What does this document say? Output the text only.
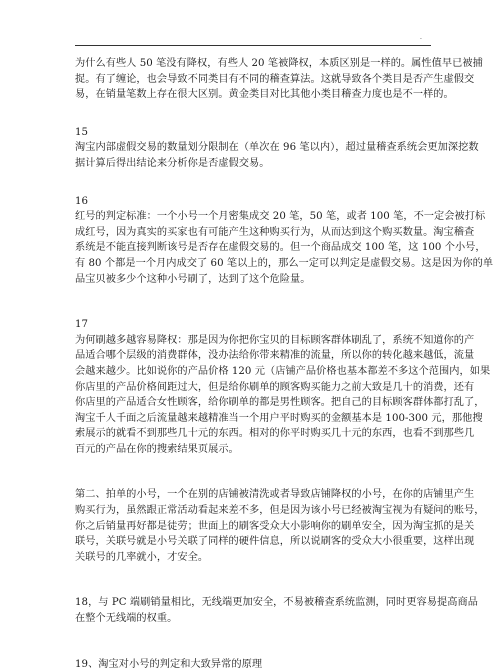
.
为什么有些人 50 笔没有降权，有些人 20 笔被降权，本质区别是一样的。属性值早已被捕
捉。有了缠论，也会导致不同类目有不同的稽查算法。这就导致各个类目是否产生虚假交
易，在销量笔数上存在很大区别。黄金类目对比其他小类目稽查力度也是不一样的。
15
淘宝内部虚假交易的数量划分限制在（单次在 96 笔以内），超过量稽查系统会更加深挖数
据计算后得出结论来分析你是否虚假交易。
16
红号的判定标准：一个小号一个月密集成交 20 笔，50 笔，或者 100 笔，不一定会被打标
成红号，因为真实的买家也有可能产生这种购买行为，从而达到这个购买数量。淘宝稽查
系统是不能直接判断该号是否存在虚假交易的。但一个商品成交 100 笔，这 100 个小号，
有 80 个都是一个月内成交了 60 笔以上的，那么一定可以判定是虚假交易。这是因为你的单
品宝贝被多少个这种小号刷了，达到了这个危险量。
17
为何刷越多越容易降权：那是因为你把你宝贝的目标顾客群体刷乱了，系统不知道你的产
品适合哪个层级的消费群体，没办法给你带来精准的流量，所以你的转化越来越低，流量
会越来越少。比如说你的产品价格 120 元（店铺产品价格也基本都差不多这个范围内，如果
你店里的产品价格间距过大，但是给你刷单的顾客购买能力之前大致是几十的消费，还有
你店里的产品适合女性顾客，给你刷单的都是男性顾客。把自己的目标顾客群体都打乱了，
淘宝千人千面之后流量越来越精准当一个用户平时购买的金额基本是 100-300 元，那他搜
索展示的就看不到那些几十元的东西。相对的你平时购买几十元的东西，也看不到那些几
百元的产品在你的搜索结果页展示。
第二、拍单的小号，一个在别的店铺被清洗或者导致店铺降权的小号，在你的店铺里产生
购买行为，虽然跟正常活动看起来差不多，但是因为该小号已经被淘宝视为有疑问的账号，
你之后销量再好都是徒劳；世面上的刷客受众大小影响你的刷单安全，因为淘宝抓的是关
联号，关联号就是小号关联了同样的硬件信息，所以说刷客的受众大小很重要，这样出现
关联号的几率就小，才安全。
18，与 PC 端刷销量相比，无线端更加安全，不易被稽查系统监测，同时更容易提高商品
在整个无线端的权重。
19、淘宝对小号的判定和大致异常的原理
